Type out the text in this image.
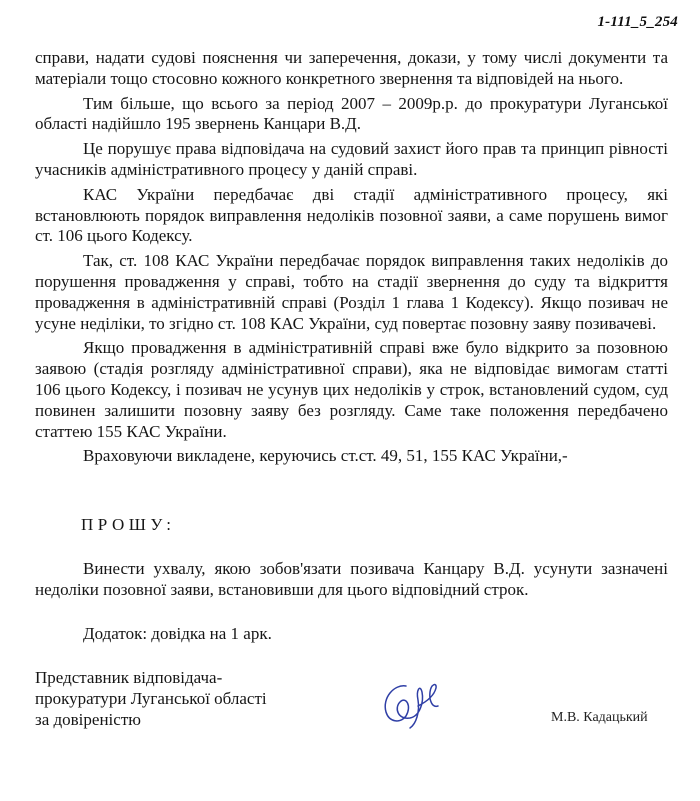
1-111_5_254

справи, надати судові пояснення чи заперечення, докази, у тому числі документи та матеріали тощо стосовно кожного конкретного звернення та відповідей на нього.

Тим більше, що всього за період 2007 – 2009р.р. до прокуратури Луганської області надійшло 195 звернень Канцари В.Д.

Це порушує права відповідача на судовий захист його прав та принцип рівності учасників адміністративного процесу у даній справі.

КАС України передбачає дві стадії адміністративного процесу, які встановлюють порядок виправлення недоліків позовної заяви, а саме порушень вимог ст. 106 цього Кодексу.

Так, ст. 108 КАС України передбачає порядок виправлення таких недоліків до порушення провадження у справі, тобто на стадії звернення до суду та відкриття провадження в адміністративній справі (Розділ 1 глава 1 Кодексу). Якщо позивач не усуне неділіки, то згідно ст. 108 КАС України, суд повертає позовну заяву позивачеві.

Якщо провадження в адміністративній справі вже було відкрито за позовною заявою (стадія розгляду адміністративної справи), яка не відповідає вимогам статті 106 цього Кодексу, і позивач не усунув цих недоліків у строк, встановлений судом, суд повинен залишити позовну заяву без розгляду. Саме таке положення передбачено статтею 155 КАС України.

Враховуючи викладене, керуючись ст.ст. 49, 51, 155 КАС України,-

ПРОШУ:

Винести ухвалу, якою зобов'язати позивача Канцару В.Д. усунути зазначені недоліки позовної заяви, встановивши для цього відповідний строк.

Додаток: довідка на 1 арк.
Представник відповідача-
прокуратури Луганської області
за довіреністю	М.В. Кадацький
